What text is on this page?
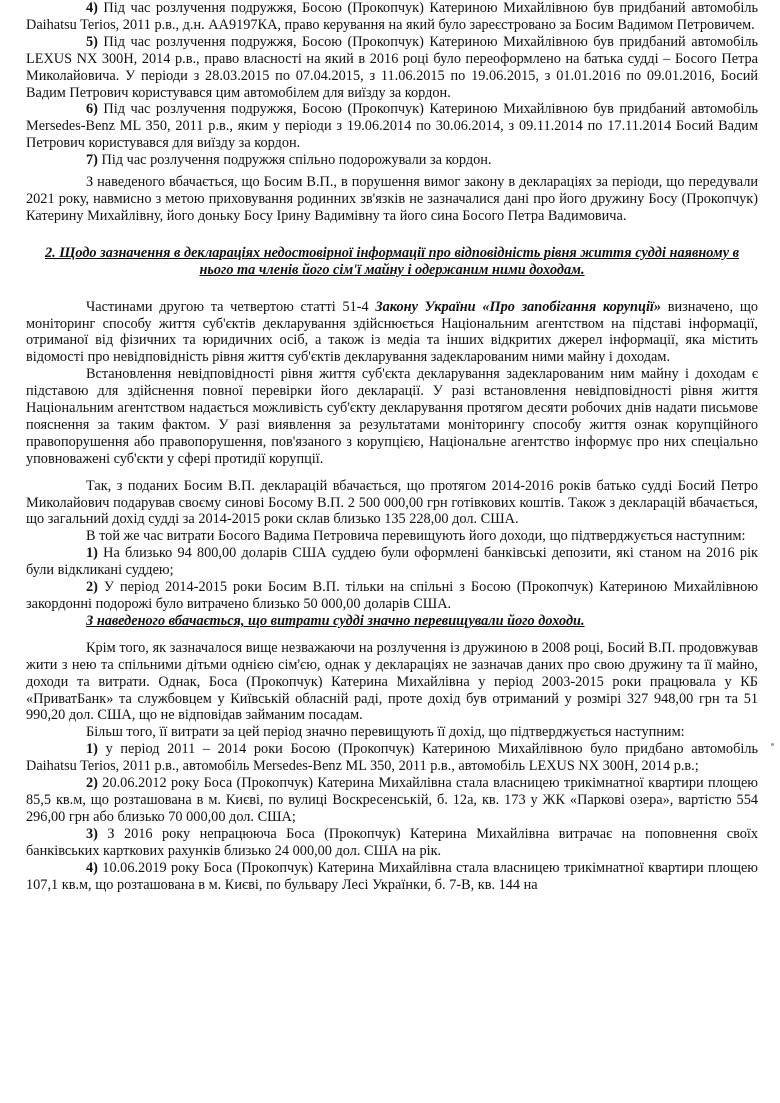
4) Під час розлучення подружжя, Босою (Прокопчук) Катериною Михайлівною був придбаний автомобіль Daihatsu Terios, 2011 р.в., д.н. АА9197КА, право керування на який було зареєстровано за Босим Вадимом Петровичем.

5) Під час розлучення подружжя, Босою (Прокопчук) Катериною Михайлівною був придбаний автомобіль LEXUS NX 300H, 2014 р.в., право власності на який в 2016 році було переоформлено на батька судді – Босого Петра Миколайовича. У періоди з 28.03.2015 по 07.04.2015, з 11.06.2015 по 19.06.2015, з 01.01.2016 по 09.01.2016, Босий Вадим Петрович користувався цим автомобілем для виїзду за кордон.

6) Під час розлучення подружжя, Босою (Прокопчук) Катериною Михайлівною був придбаний автомобіль Mersedes-Benz ML 350, 2011 р.в., яким у періоди з 19.06.2014 по 30.06.2014, з 09.11.2014 по 17.11.2014 Босий Вадим Петрович користувався для виїзду за кордон.

7) Під час розлучення подружжя спільно подорожували за кордон.

З наведеного вбачається, що Босим В.П., в порушення вимог закону в деклараціях за періоди, що передували 2021 року, навмисно з метою приховування родинних зв'язків не зазначалися дані про його дружину Босу (Прокопчук) Катерину Михайлівну, його доньку Босу Ірину Вадимівну та його сина Босого Петра Вадимовича.

2. Щодо зазначення в деклараціях недостовірної інформації про відповідність рівня життя судді наявному в нього та членів його сім'ї майну і одержаним ними доходам.

Частинами другою та четвертою статті 51-4 Закону України «Про запобігання корупції» визначено, що моніторинг способу життя суб'єктів декларування здійснюється Національним агентством на підставі інформації, отриманої від фізичних та юридичних осіб, а також із медіа та інших відкритих джерел інформації, яка містить відомості про невідповідність рівня життя суб'єктів декларування задекларованим ними майну і доходам.

Встановлення невідповідності рівня життя суб'єкта декларування задекларованим ним майну і доходам є підставою для здійснення повної перевірки його декларації. У разі встановлення невідповідності рівня життя Національним агентством надається можливість суб'єкту декларування протягом десяти робочих днів надати письмове пояснення за таким фактом. У разі виявлення за результатами моніторингу способу життя ознак корупційного правопорушення або правопорушення, пов'язаного з корупцією, Національне агентство інформує про них спеціально уповноважені суб'єкти у сфері протидії корупції.

Так, з поданих Босим В.П. декларацій вбачається, що протягом 2014-2016 років батько судді Босий Петро Миколайович подарував своєму синові Босому В.П. 2 500 000,00 грн готівкових коштів. Також з декларацій вбачається, що загальний дохід судді за 2014-2015 роки склав близько 135 228,00 дол. США.

В той же час витрати Босого Вадима Петровича перевищують його доходи, що підтверджується наступним:

1) На близько 94 800,00 доларів США суддею були оформлені банківські депозити, які станом на 2016 рік були відкликані суддею;

2) У період 2014-2015 роки Босим В.П. тільки на спільні з Босою (Прокопчук) Катериною Михайлівною закордонні подорожі було витрачено близько 50 000,00 доларів США.

З наведеного вбачається, що витрати судді значно перевищували його доходи.

Крім того, як зазначалося вище незважаючи на розлучення із дружиною в 2008 році, Босий В.П. продовжував жити з нею та спільними дітьми однією сім'єю, однак у деклараціях не зазначав даних про свою дружину та її майно, доходи та витрати. Однак, Боса (Прокопчук) Катерина Михайлівна у період 2003-2015 роки працювала у КБ «ПриватБанк» та службовцем у Київській обласній раді, проте дохід був отриманий у розмірі 327 948,00 грн та 51 990,20 дол. США, що не відповідав займаним посадам.

Більш того, її витрати за цей період значно перевищують її дохід, що підтверджується наступним:

1) у період 2011 – 2014 роки Босою (Прокопчук) Катериною Михайлівною було придбано автомобіль Daihatsu Terios, 2011 р.в., автомобіль Mersedes-Benz ML 350, 2011 р.в., автомобіль LEXUS NX 300H, 2014 р.в.;

2) 20.06.2012 року Боса (Прокопчук) Катерина Михайлівна стала власницею трикімнатної квартири площею 85,5 кв.м, що розташована в м. Києві, по вулиці Воскресенській, б. 12а, кв. 173 у ЖК «Паркові озера», вартістю 554 296,00 грн або близько 70 000,00 дол. США;

3) З 2016 року непрацююча Боса (Прокопчук) Катерина Михайлівна витрачає на поповнення своїх банківських карткових рахунків близько 24 000,00 дол. США на рік.

4) 10.06.2019 року Боса (Прокопчук) Катерина Михайлівна стала власницею трикімнатної квартири площею 107,1 кв.м, що розташована в м. Києві, по бульвару Лесі Українки, б. 7-В, кв. 144 на
